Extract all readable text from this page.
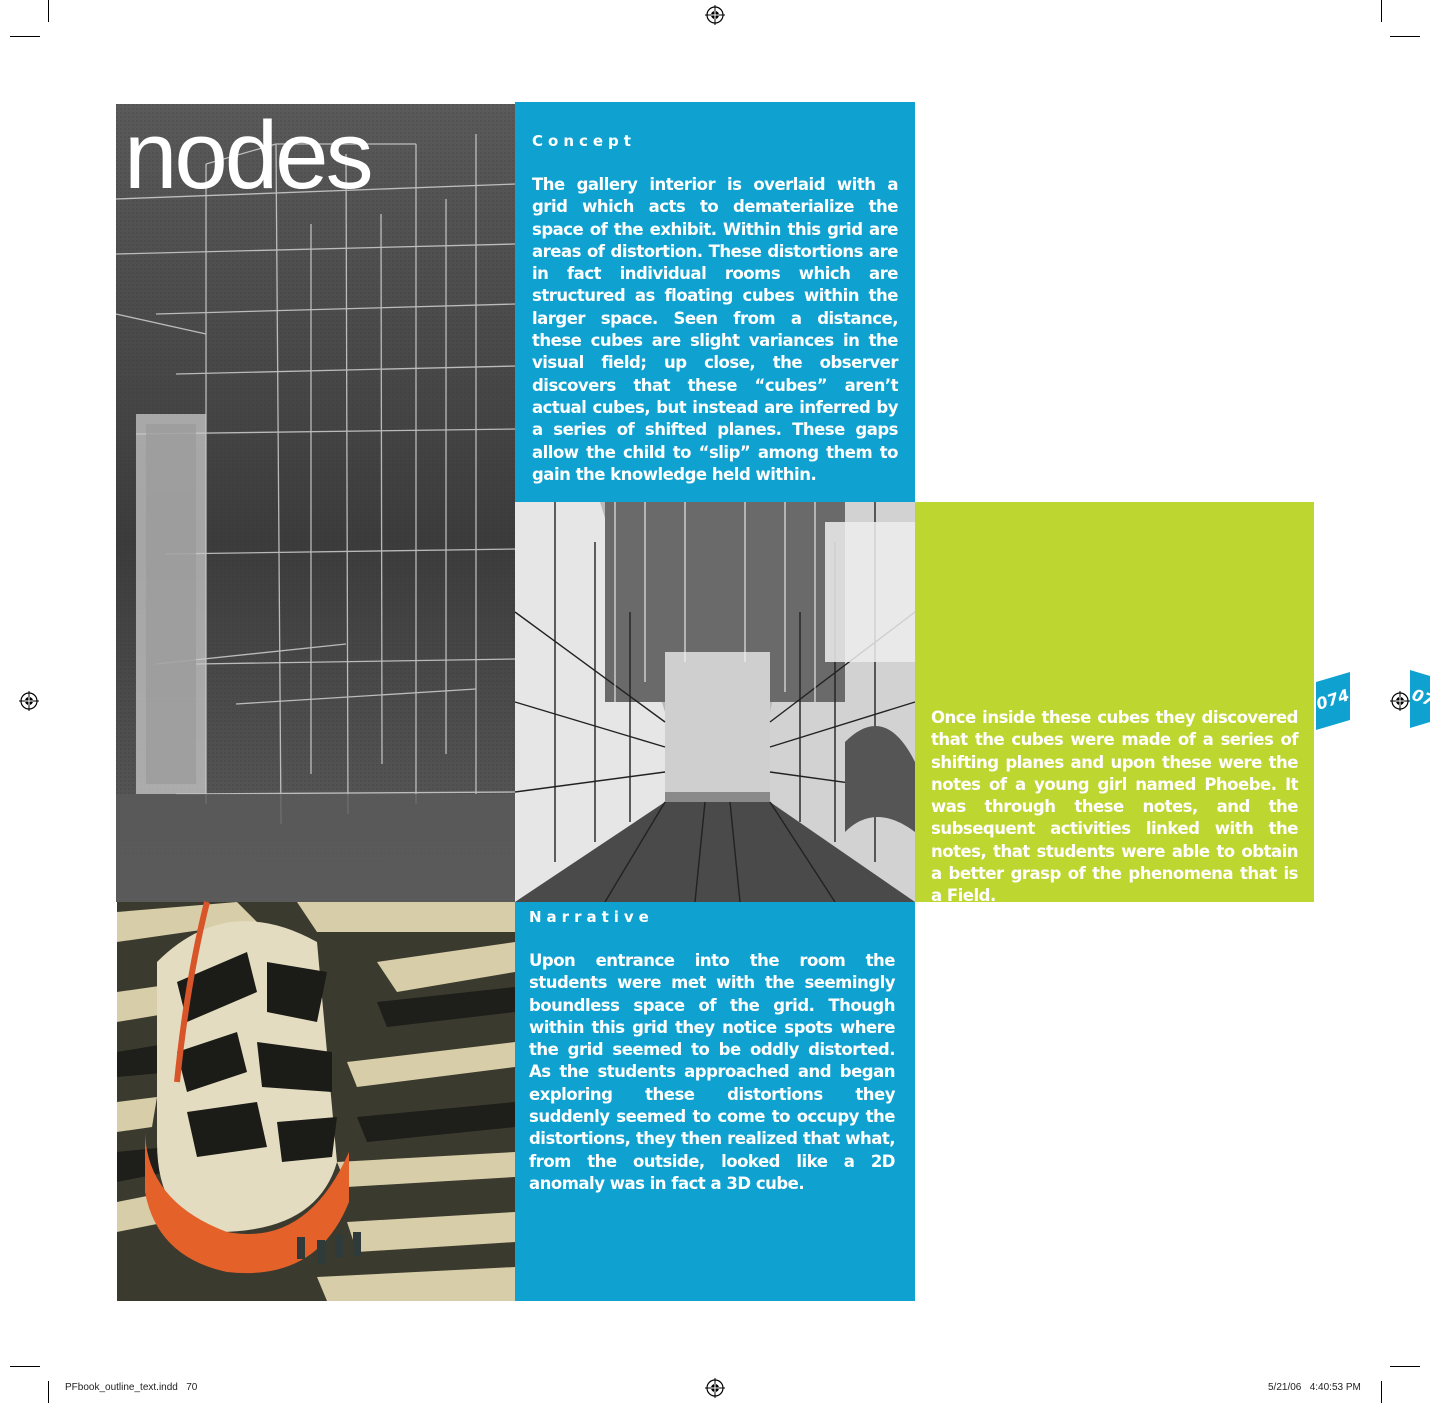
nodes	Concept

The gallery interior is overlaid with a grid which acts to dematerialize the space of the exhibit. Within this grid are areas of distortion. These distortions are in fact individual rooms which are structured as floating cubes within the larger space. Seen from a distance, these cubes are slight variances in the visual field; up close, the observer discovers that these “cubes” aren’t actual cubes, but instead are inferred by a series of shifted planes. These gaps allow the child to “slip” among them to gain the knowledge held within.

Once inside these cubes they discovered that the cubes were made of a series of shifting planes and upon these were the notes of a young girl named Phoebe. It was through these notes, and the subsequent activities linked with the notes, that students were able to obtain a better grasp of the phenomena that is a Field.

074	07
Narrative

Upon entrance into the room the students were met with the seemingly boundless space of the grid. Though within this grid they notice spots where the grid seemed to be oddly distorted. As the students approached and began exploring these distortions they suddenly seemed to come to occupy the distortions, they then realized that what, from the outside, looked like a 2D anomaly was in fact a 3D cube.

PFbook_outline_text.indd   70	5/21/06   4:40:53 PM
